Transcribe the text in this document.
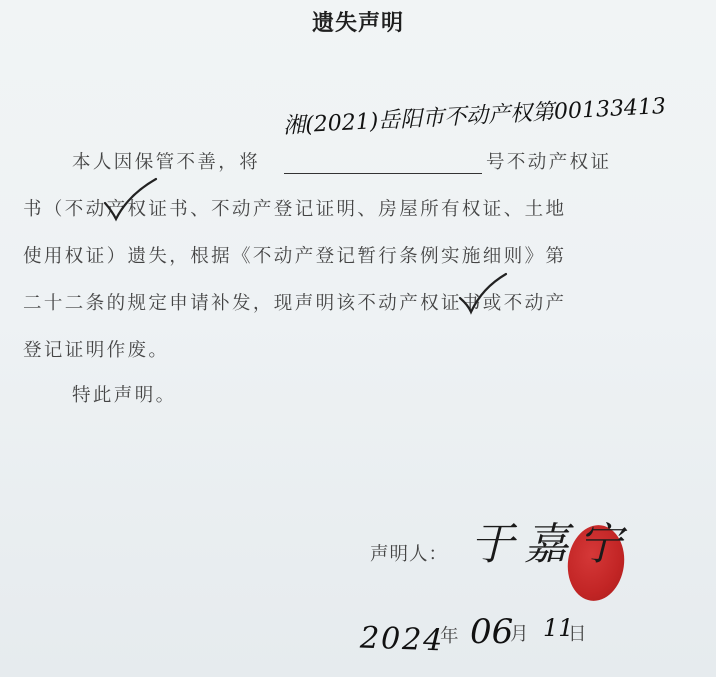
遗失声明
本人因保管不善，将
湘(2021)岳阳市不动产权第00133413
号不动产权证
书（不动产权证书、不动产登记证明、房屋所有权证、土地
使用权证）遗失，根据《不动产登记暂行条例实施细则》第
二十二条的规定申请补发，现声明该不动产权证书或不动产
登记证明作废。
特此声明。
声明人： 于嘉宁
2024
年 06
月 11
日
